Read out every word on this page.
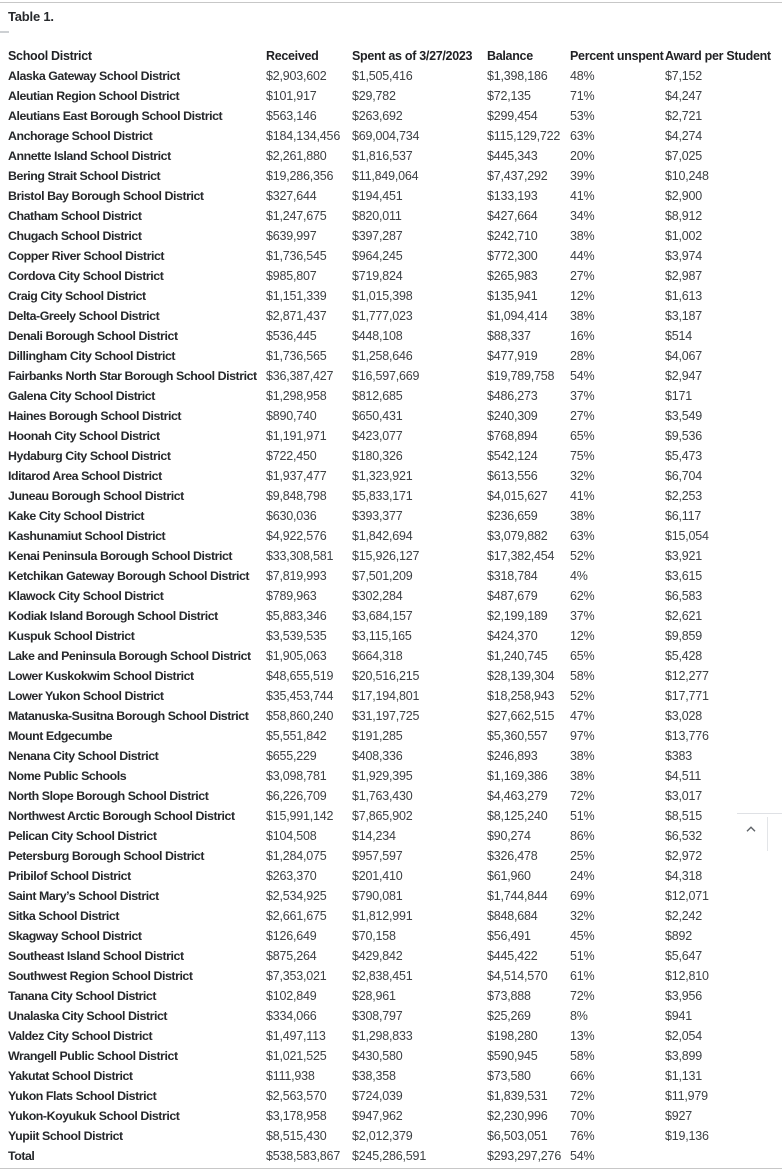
Table 1.
School District	Received	Spent as of 3/27/2023	Balance	Percent unspent	Award per Student
Alaska Gateway School District	$2,903,602	$1,505,416	$1,398,186	48%	$7,152
Aleutian Region School District	$101,917	$29,782	$72,135	71%	$4,247
Aleutians East Borough School District	$563,146	$263,692	$299,454	53%	$2,721
Anchorage School District	$184,134,456	$69,004,734	$115,129,722	63%	$4,274
Annette Island School District	$2,261,880	$1,816,537	$445,343	20%	$7,025
Bering Strait School District	$19,286,356	$11,849,064	$7,437,292	39%	$10,248
Bristol Bay Borough School District	$327,644	$194,451	$133,193	41%	$2,900
Chatham School District	$1,247,675	$820,011	$427,664	34%	$8,912
Chugach School District	$639,997	$397,287	$242,710	38%	$1,002
Copper River School District	$1,736,545	$964,245	$772,300	44%	$3,974
Cordova City School District	$985,807	$719,824	$265,983	27%	$2,987
Craig City School District	$1,151,339	$1,015,398	$135,941	12%	$1,613
Delta-Greely School District	$2,871,437	$1,777,023	$1,094,414	38%	$3,187
Denali Borough School District	$536,445	$448,108	$88,337	16%	$514
Dillingham City School District	$1,736,565	$1,258,646	$477,919	28%	$4,067
Fairbanks North Star Borough School District	$36,387,427	$16,597,669	$19,789,758	54%	$2,947
Galena City School District	$1,298,958	$812,685	$486,273	37%	$171
Haines Borough School District	$890,740	$650,431	$240,309	27%	$3,549
Hoonah City School District	$1,191,971	$423,077	$768,894	65%	$9,536
Hydaburg City School District	$722,450	$180,326	$542,124	75%	$5,473
Iditarod Area School District	$1,937,477	$1,323,921	$613,556	32%	$6,704
Juneau Borough School District	$9,848,798	$5,833,171	$4,015,627	41%	$2,253
Kake City School District	$630,036	$393,377	$236,659	38%	$6,117
Kashunamiut School District	$4,922,576	$1,842,694	$3,079,882	63%	$15,054
Kenai Peninsula Borough School District	$33,308,581	$15,926,127	$17,382,454	52%	$3,921
Ketchikan Gateway Borough School District	$7,819,993	$7,501,209	$318,784	4%	$3,615
Klawock City School District	$789,963	$302,284	$487,679	62%	$6,583
Kodiak Island Borough School District	$5,883,346	$3,684,157	$2,199,189	37%	$2,621
Kuspuk School District	$3,539,535	$3,115,165	$424,370	12%	$9,859
Lake and Peninsula Borough School District	$1,905,063	$664,318	$1,240,745	65%	$5,428
Lower Kuskokwim School District	$48,655,519	$20,516,215	$28,139,304	58%	$12,277
Lower Yukon School District	$35,453,744	$17,194,801	$18,258,943	52%	$17,771
Matanuska-Susitna Borough School District	$58,860,240	$31,197,725	$27,662,515	47%	$3,028
Mount Edgecumbe	$5,551,842	$191,285	$5,360,557	97%	$13,776
Nenana City School District	$655,229	$408,336	$246,893	38%	$383
Nome Public Schools	$3,098,781	$1,929,395	$1,169,386	38%	$4,511
North Slope Borough School District	$6,226,709	$1,763,430	$4,463,279	72%	$3,017
Northwest Arctic Borough School District	$15,991,142	$7,865,902	$8,125,240	51%	$8,515
Pelican City School District	$104,508	$14,234	$90,274	86%	$6,532
Petersburg Borough School District	$1,284,075	$957,597	$326,478	25%	$2,972
Pribilof School District	$263,370	$201,410	$61,960	24%	$4,318
Saint Mary’s School District	$2,534,925	$790,081	$1,744,844	69%	$12,071
Sitka School District	$2,661,675	$1,812,991	$848,684	32%	$2,242
Skagway School District	$126,649	$70,158	$56,491	45%	$892
Southeast Island School District	$875,264	$429,842	$445,422	51%	$5,647
Southwest Region School District	$7,353,021	$2,838,451	$4,514,570	61%	$12,810
Tanana City School District	$102,849	$28,961	$73,888	72%	$3,956
Unalaska City School District	$334,066	$308,797	$25,269	8%	$941
Valdez City School District	$1,497,113	$1,298,833	$198,280	13%	$2,054
Wrangell Public School District	$1,021,525	$430,580	$590,945	58%	$3,899
Yakutat School District	$111,938	$38,358	$73,580	66%	$1,131
Yukon Flats School District	$2,563,570	$724,039	$1,839,531	72%	$11,979
Yukon-Koyukuk School District	$3,178,958	$947,962	$2,230,996	70%	$927
Yupiit School District	$8,515,430	$2,012,379	$6,503,051	76%	$19,136
Total	$538,583,867	$245,286,591	$293,297,276	54%	
